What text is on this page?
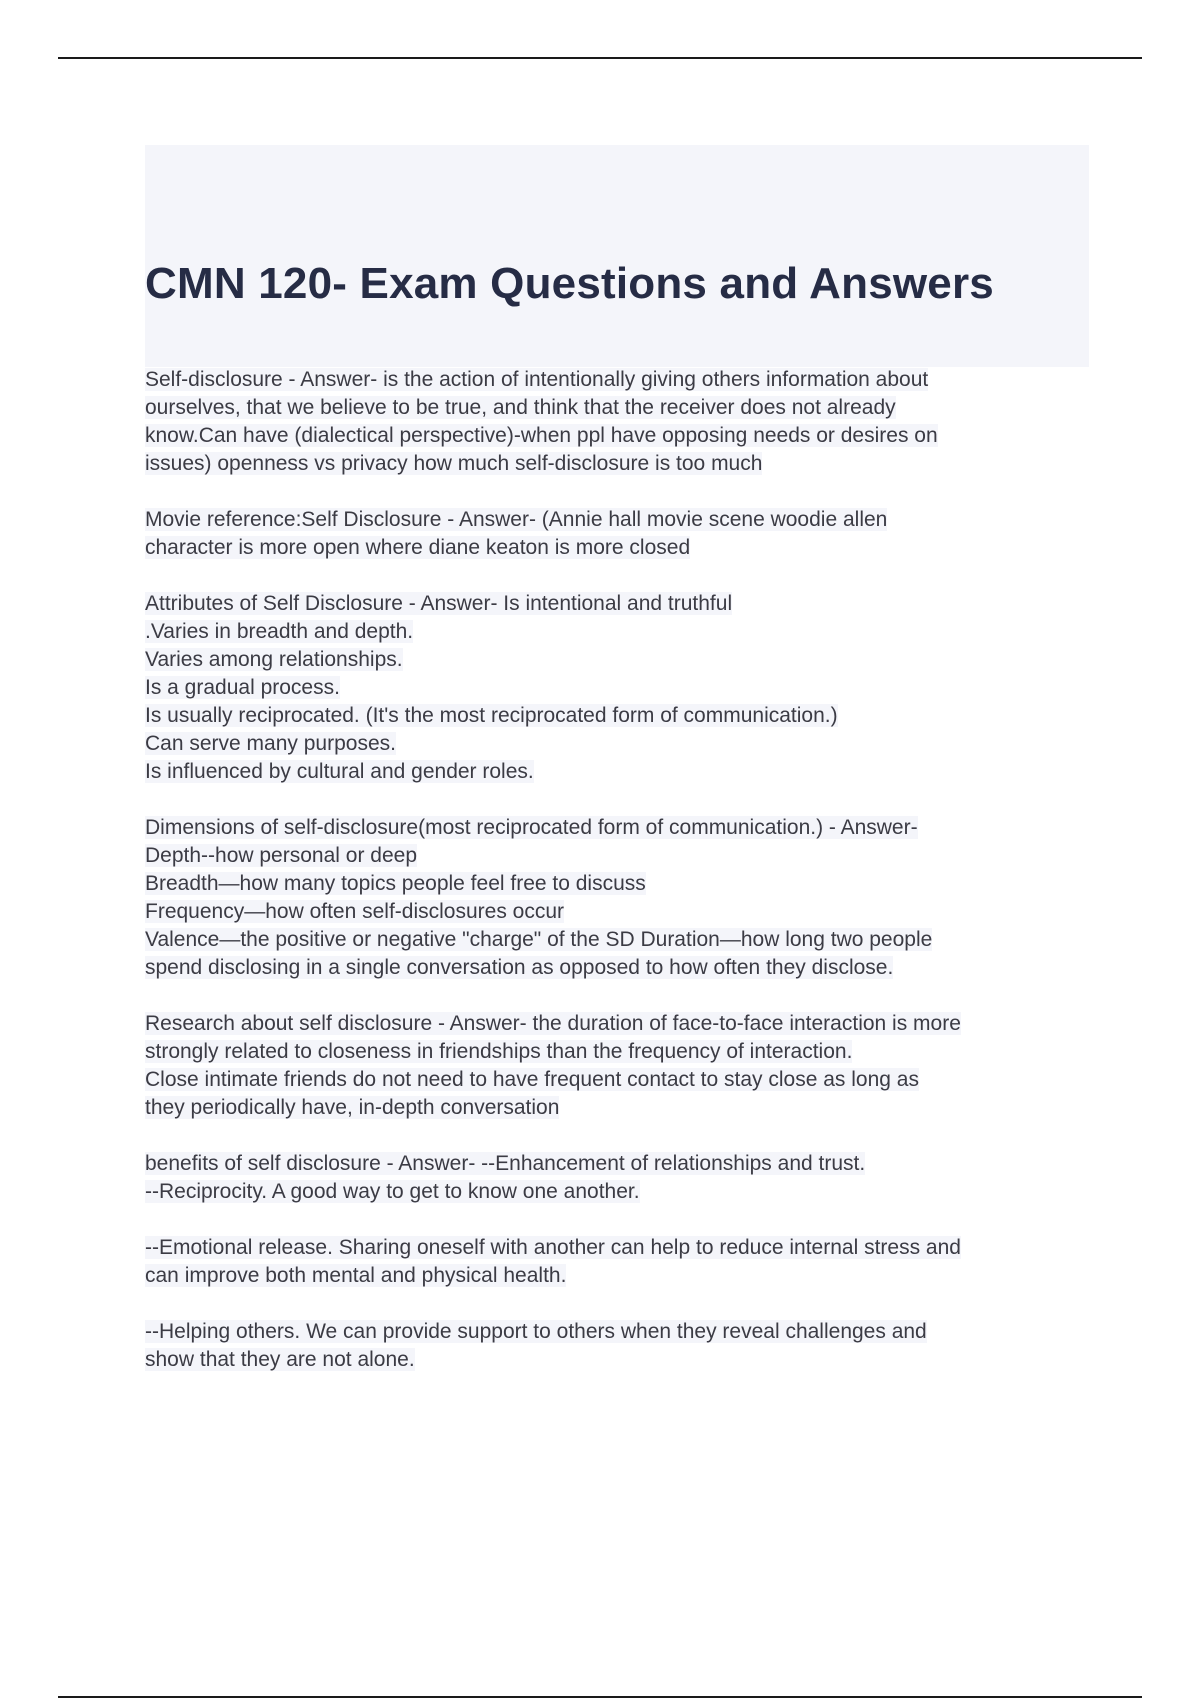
CMN 120- Exam Questions and Answers
Self-disclosure - Answer- is the action of intentionally giving others information about
ourselves, that we believe to be true, and think that the receiver does not already
know.Can have (dialectical perspective)-when ppl have opposing needs or desires on
issues) openness vs privacy how much self-disclosure is too much
Movie reference:Self Disclosure - Answer- (Annie hall movie scene woodie allen
character is more open where diane keaton is more closed
Attributes of Self Disclosure - Answer- Is intentional and truthful
.Varies in breadth and depth.
Varies among relationships.
Is a gradual process.
Is usually reciprocated. (It's the most reciprocated form of communication.)
Can serve many purposes.
Is influenced by cultural and gender roles.
Dimensions of self-disclosure(most reciprocated form of communication.) - Answer-
Depth--how personal or deep
Breadth—how many topics people feel free to discuss
Frequency—how often self-disclosures occur
Valence—the positive or negative "charge" of the SD Duration—how long two people
spend disclosing in a single conversation as opposed to how often they disclose.
Research about self disclosure - Answer- the duration of face-to-face interaction is more
strongly related to closeness in friendships than the frequency of interaction.
Close intimate friends do not need to have frequent contact to stay close as long as
they periodically have, in-depth conversation
benefits of self disclosure - Answer- --Enhancement of relationships and trust.
--Reciprocity. A good way to get to know one another.
--Emotional release. Sharing oneself with another can help to reduce internal stress and
can improve both mental and physical health.
--Helping others. We can provide support to others when they reveal challenges and
show that they are not alone.
